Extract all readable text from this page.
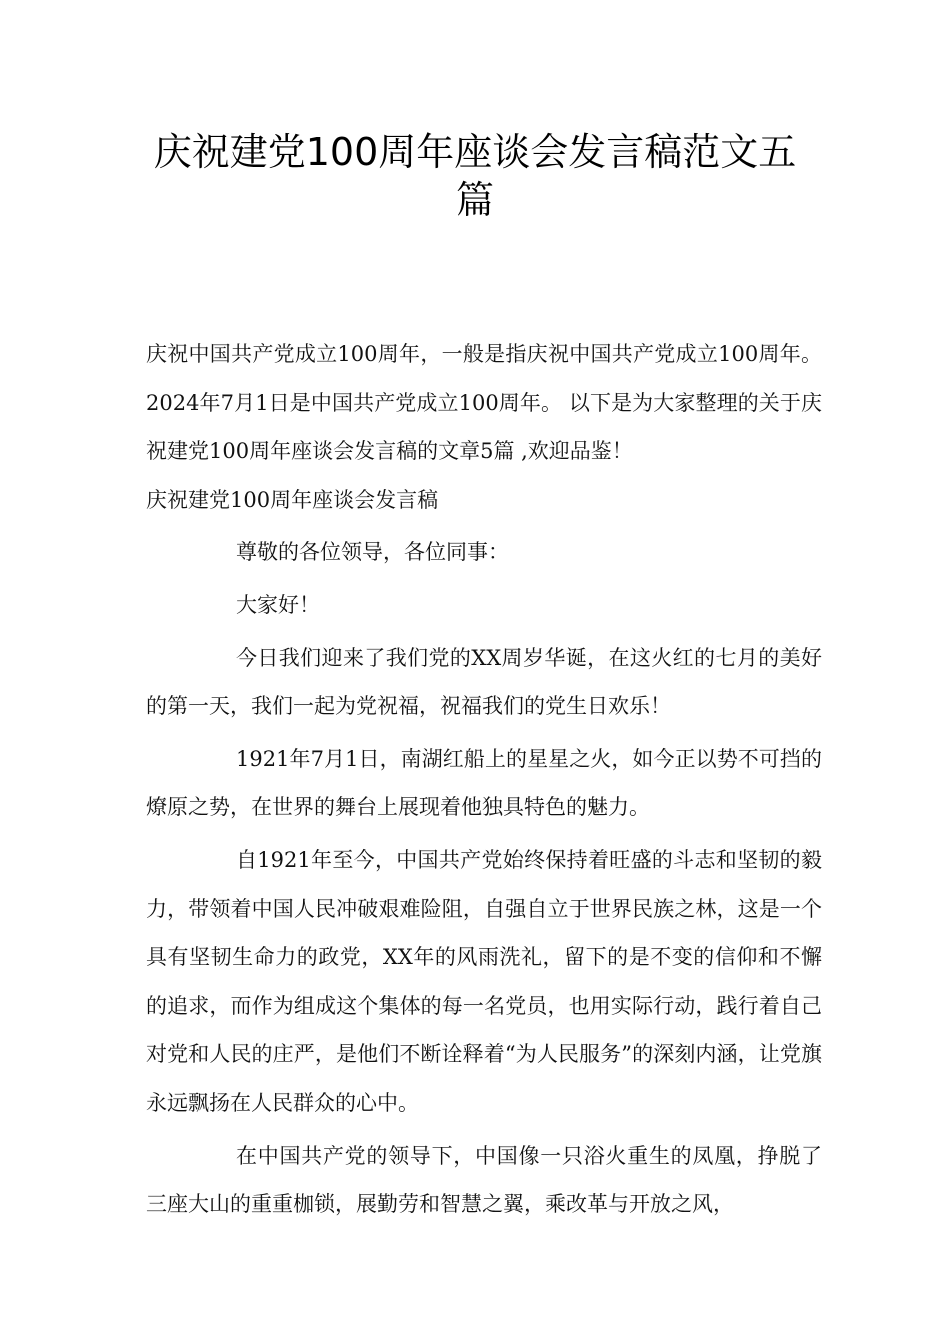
庆祝建党100周年座谈会发言稿范文五篇

庆祝中国共产党成立100周年，一般是指庆祝中国共产党成立100周年。2024年7月1日是中国共产党成立100周年。 以下是为大家整理的关于庆祝建党100周年座谈会发言稿的文章5篇 ,欢迎品鉴！

庆祝建党100周年座谈会发言稿

尊敬的各位领导，各位同事：

大家好！

今日我们迎来了我们党的XX周岁华诞，在这火红的七月的美好的第一天，我们一起为党祝福，祝福我们的党生日欢乐！

1921年7月1日，南湖红船上的星星之火，如今正以势不可挡的燎原之势，在世界的舞台上展现着他独具特色的魅力。

自1921年至今，中国共产党始终保持着旺盛的斗志和坚韧的毅力，带领着中国人民冲破艰难险阻，自强自立于世界民族之林，这是一个具有坚韧生命力的政党，XX年的风雨洗礼，留下的是不变的信仰和不懈的追求，而作为组成这个集体的每一名党员，也用实际行动，践行着自己对党和人民的庄严，是他们不断诠释着“为人民服务”的深刻内涵，让党旗永远飘扬在人民群众的心中。

在中国共产党的领导下，中国像一只浴火重生的凤凰，挣脱了三座大山的重重枷锁，展勤劳和智慧之翼，乘改革与开放之风，
